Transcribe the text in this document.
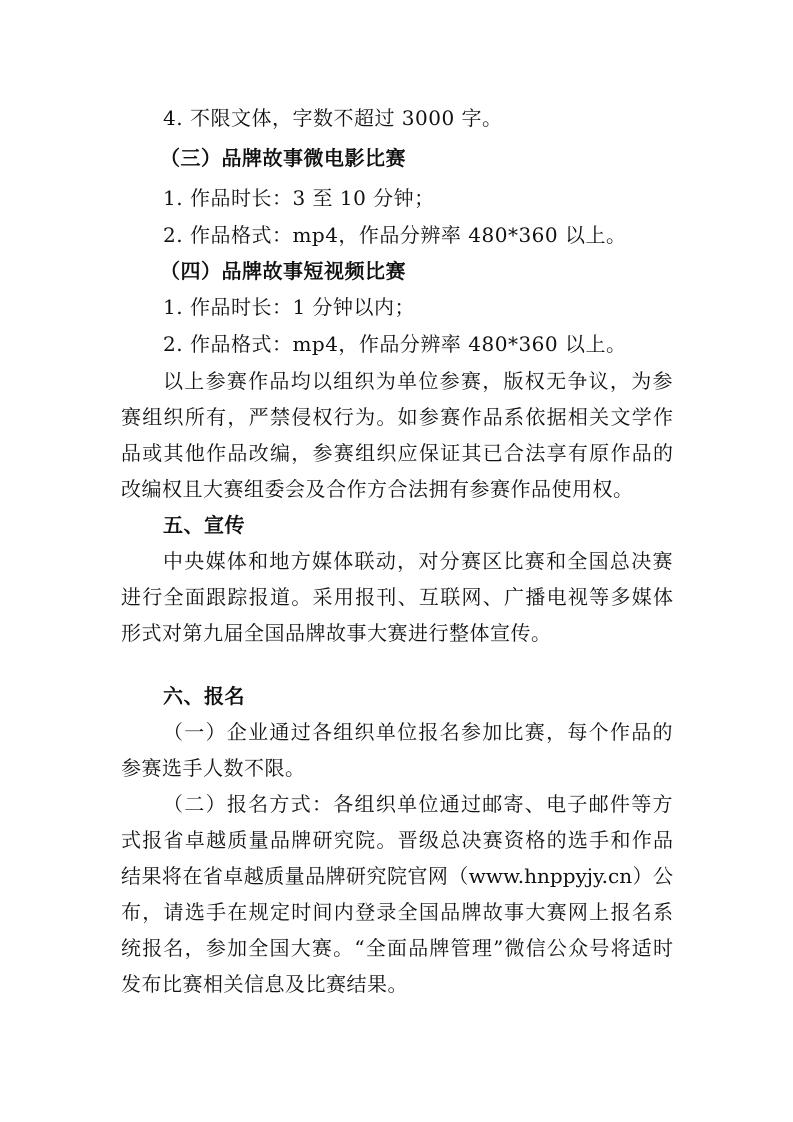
4. 不限文体，字数不超过 3000 字。
（三）品牌故事微电影比赛
1. 作品时长：3 至 10 分钟；
2. 作品格式：mp4，作品分辨率 480*360 以上。
（四）品牌故事短视频比赛
1. 作品时长：1 分钟以内；
2. 作品格式：mp4，作品分辨率 480*360 以上。
以上参赛作品均以组织为单位参赛，版权无争议，为参
赛组织所有，严禁侵权行为。如参赛作品系依据相关文学作
品或其他作品改编，参赛组织应保证其已合法享有原作品的
改编权且大赛组委会及合作方合法拥有参赛作品使用权。
五、宣传
中央媒体和地方媒体联动，对分赛区比赛和全国总决赛
进行全面跟踪报道。采用报刊、互联网、广播电视等多媒体
形式对第九届全国品牌故事大赛进行整体宣传。
六、报名
（一）企业通过各组织单位报名参加比赛，每个作品的
参赛选手人数不限。
（二）报名方式：各组织单位通过邮寄、电子邮件等方
式报省卓越质量品牌研究院。晋级总决赛资格的选手和作品
结果将在省卓越质量品牌研究院官网（www.hnppyjy.cn）公
布，请选手在规定时间内登录全国品牌故事大赛网上报名系
统报名，参加全国大赛。“全面品牌管理”微信公众号将适时
发布比赛相关信息及比赛结果。
